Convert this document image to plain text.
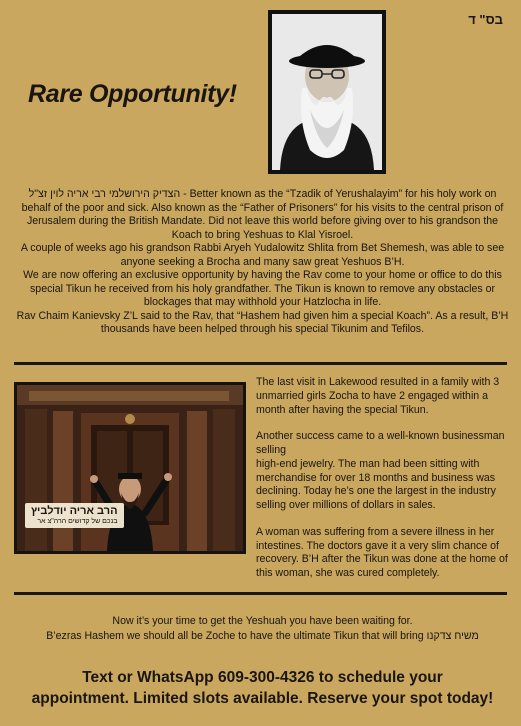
בס" ד
Rare Opportunity!

הצדיק הירושלמי רבי אריה לוין זצ"ל - Better known as the “Tzadik of Yerushalayim” for his holy work on behalf of the poor and sick. Also known as the “Father of Prisoners” for his visits to the central prison of Jerusalem during the British Mandate. Did not leave this world before giving over to his grandson the Koach to bring Yeshuas to Klal Yisroel.

A couple of weeks ago his grandson Rabbi Aryeh Yudalowitz Shlita from Bet Shemesh, was able to see anyone seeking a Brocha and many saw great Yeshuos B’H.

We are now offering an exclusive opportunity by having the Rav come to your home or office to do this special Tikun he received from his holy grandfather. The Tikun is known to remove any obstacles or blockages that may withhold your Hatzlocha in life.

Rav Chaim Kanievsky Z’L said to the Rav, that “Hashem had given him a special Koach”. As a result, B’H thousands have been helped through his special Tikunim and Tefilos.

הרב אריה יודלביץ
בנכם של קדושים הרה"צ אר

The last visit in Lakewood resulted in a family with 3 unmarried girls Zocha to have 2 engaged within a month after having the special Tikun.

Another success came to a well-known businessman selling
high-end jewelry. The man had been sitting with merchandise for over 18 months and business was declining. Today he’s one the largest in the industry selling over millions of dollars in sales.

A woman was suffering from a severe illness in her intestines. The doctors gave it a very slim chance of recovery. B’H after the Tikun was done at the home of this woman, she was cured completely.

Now it’s your time to get the Yeshuah you have been waiting for.

B’ezras Hashem we should all be Zoche to have the ultimate Tikun that will bring משיח צדקנו

Text or WhatsApp 609-300-4326 to schedule your

appointment. Limited slots available. Reserve your spot today!
